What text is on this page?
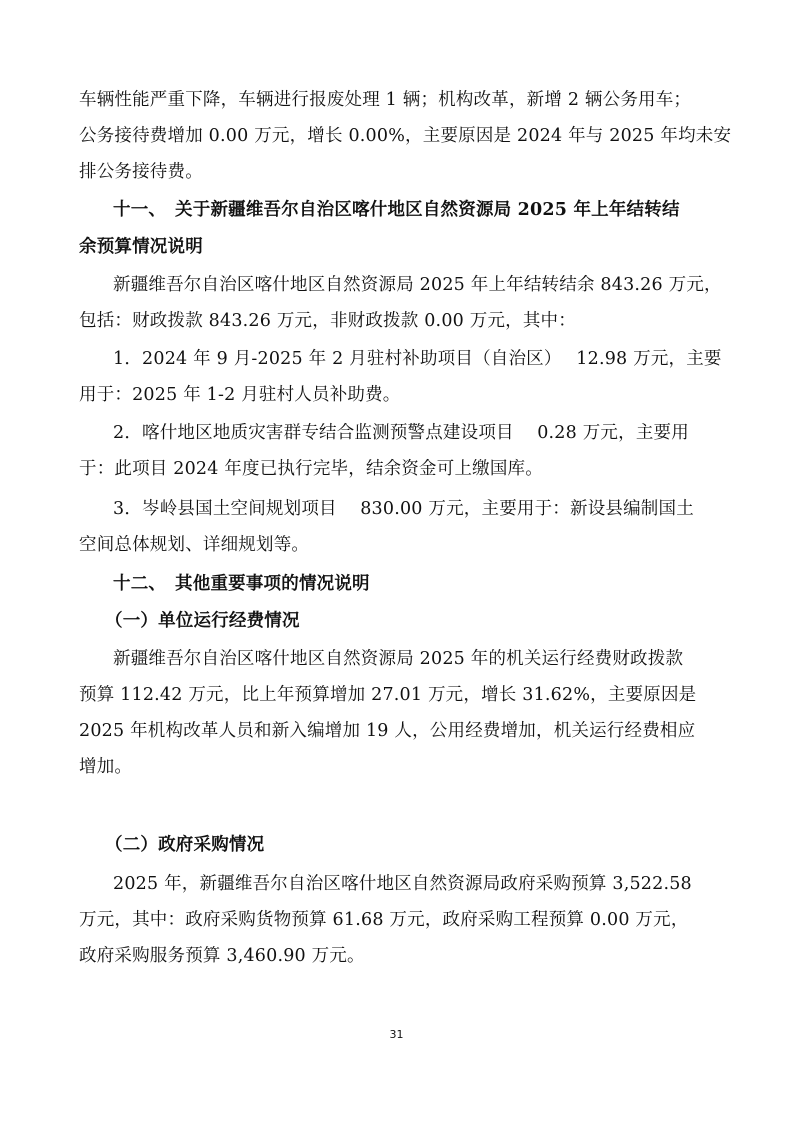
车辆性能严重下降，车辆进行报废处理 1 辆；机构改革，新增 2 辆公务用车；
公务接待费增加 0.00 万元，增长 0.00%，主要原因是 2024 年与 2025 年均未安
排公务接待费。
十一、　关于新疆维吾尔自治区喀什地区自然资源局 2025 年上年结转结
余预算情况说明
新疆维吾尔自治区喀什地区自然资源局 2025 年上年结转结余 843.26 万元，
包括：财政拨款 843.26 万元，非财政拨款 0.00 万元，其中：
1．2024 年 9 月-2025 年 2 月驻村补助项目（自治区）　 12.98 万元，主要
用于：2025 年 1-2 月驻村人员补助费。
2．喀什地区地质灾害群专结合监测预警点建设项目　 0.28 万元，主要用
于：此项目 2024 年度已执行完毕，结余资金可上缴国库。
3．岑岭县国土空间规划项目　 830.00 万元，主要用于：新设县编制国土
空间总体规划、详细规划等。
十二、　其他重要事项的情况说明
（一）单位运行经费情况
新疆维吾尔自治区喀什地区自然资源局 2025 年的机关运行经费财政拨款
预算 112.42 万元，比上年预算增加 27.01 万元，增长 31.62%，主要原因是
2025 年机构改革人员和新入编增加 19 人，公用经费增加，机关运行经费相应
增加。
（二）政府采购情况
2025 年，新疆维吾尔自治区喀什地区自然资源局政府采购预算 3,522.58
万元，其中：政府采购货物预算 61.68 万元，政府采购工程预算 0.00 万元，
政府采购服务预算 3,460.90 万元。
31
